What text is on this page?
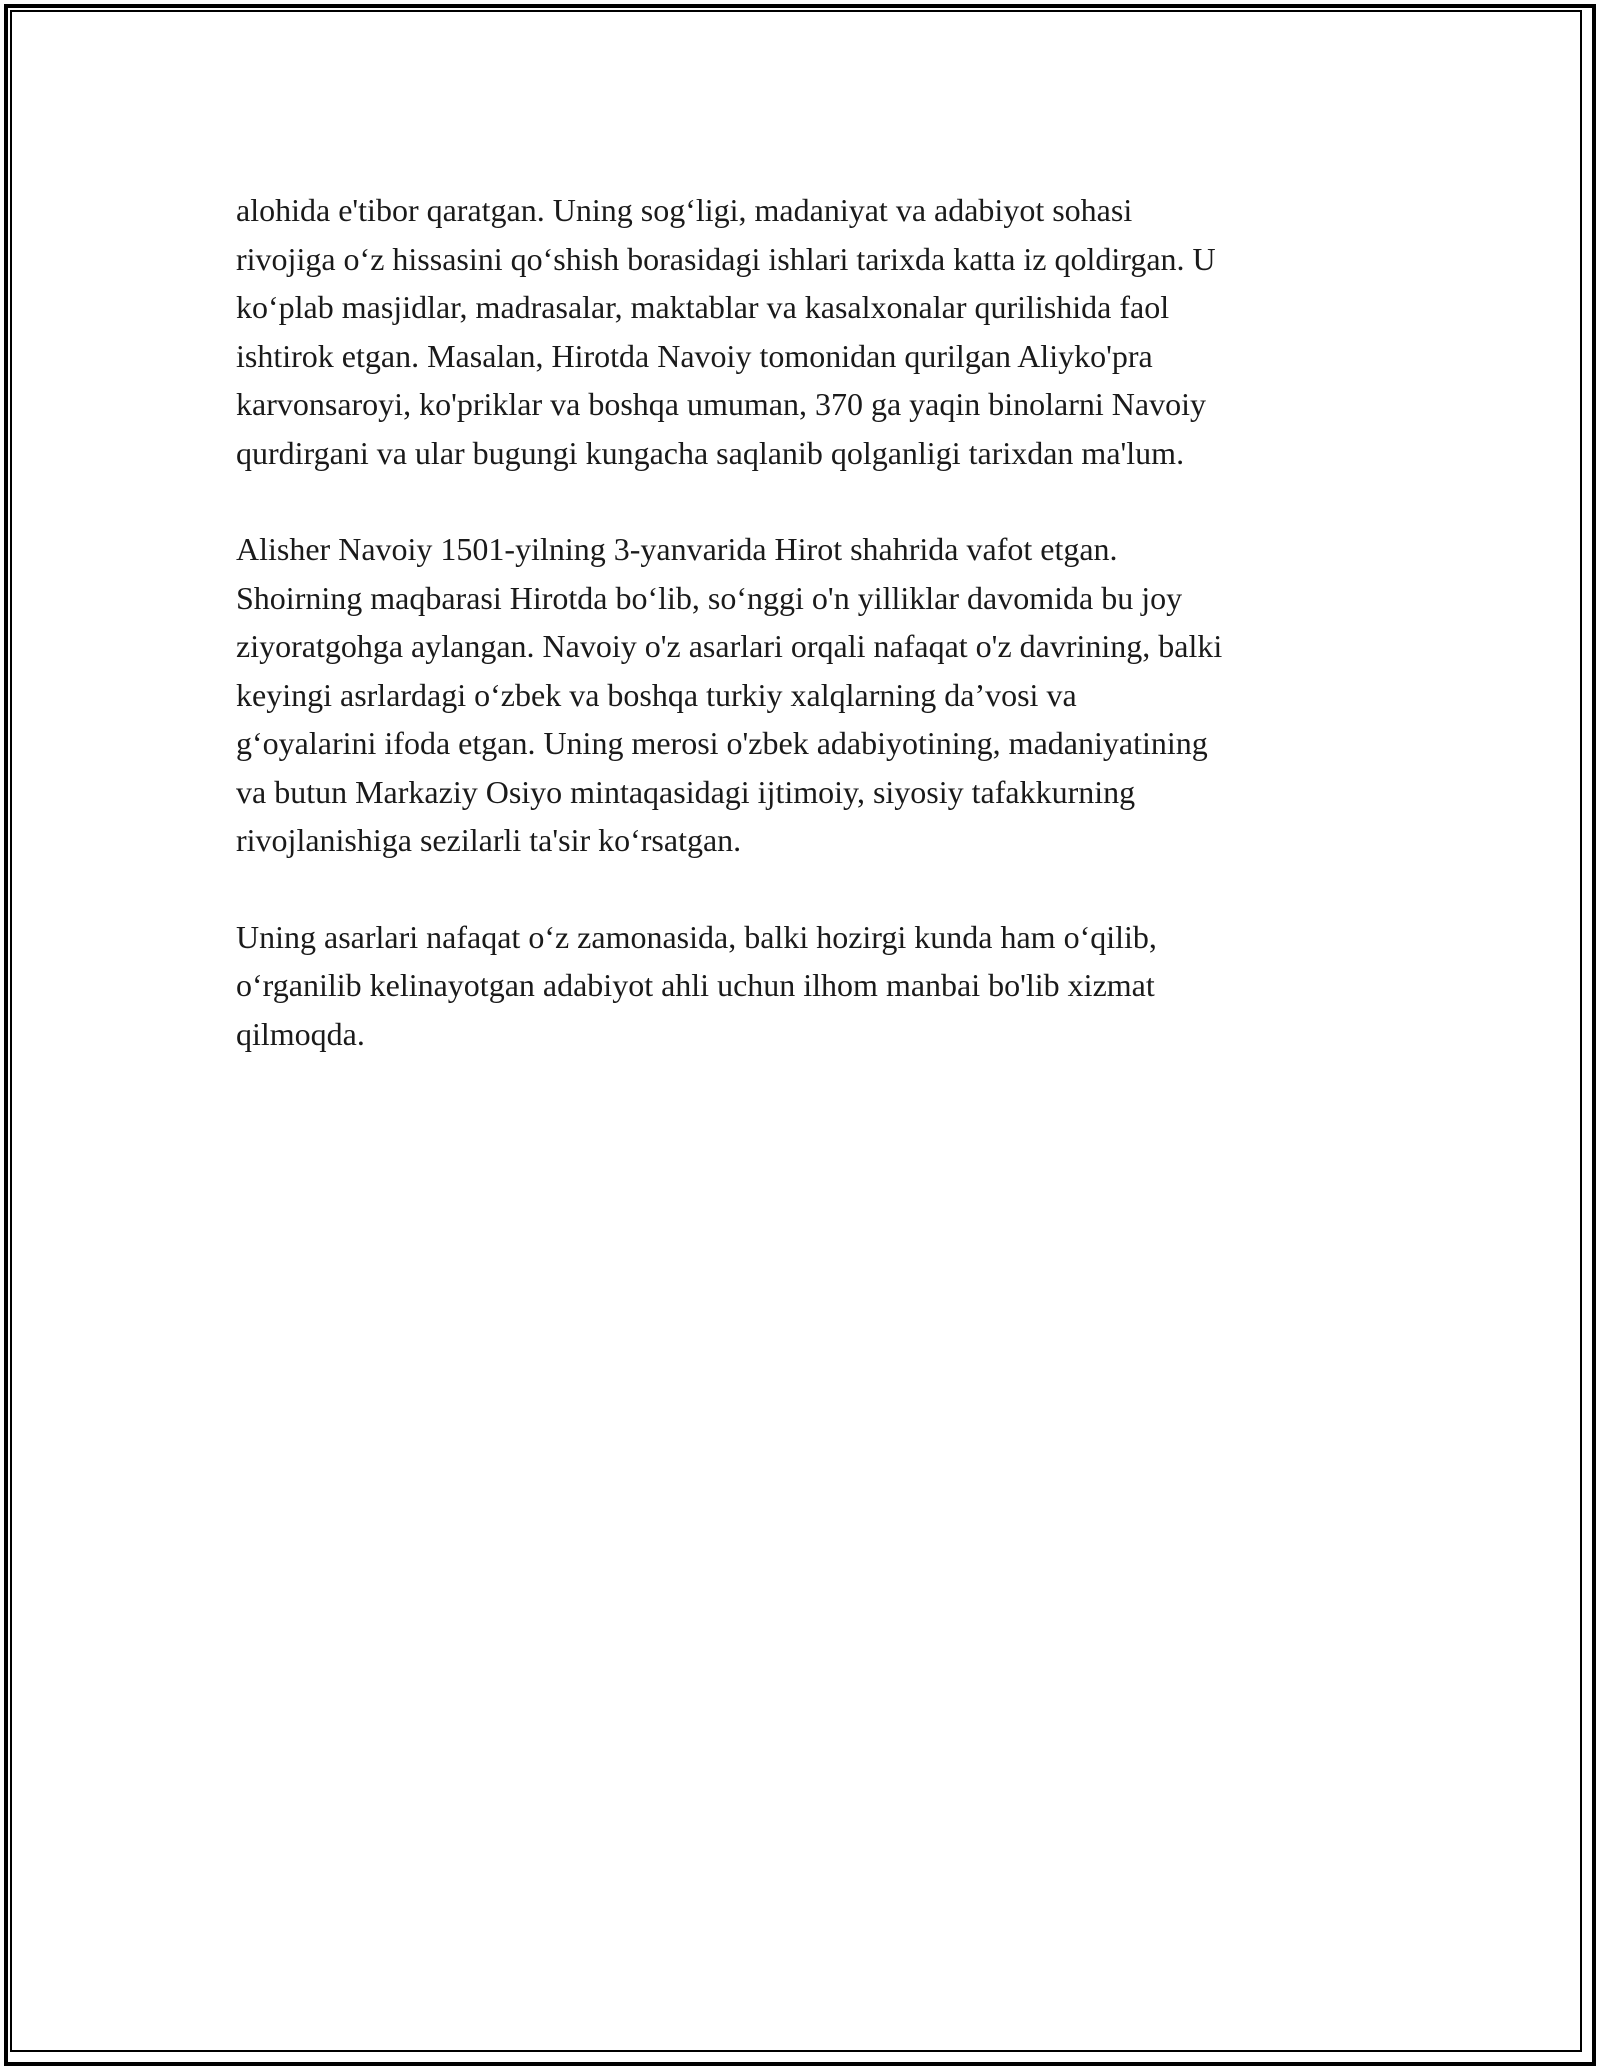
alohida e'tibor qaratgan. Uning sog‘ligi, madaniyat va adabiyot sohasi
rivojiga o‘z hissasini qo‘shish borasidagi ishlari tarixda katta iz qoldirgan. U
ko‘plab masjidlar, madrasalar, maktablar va kasalxonalar qurilishida faol
ishtirok etgan. Masalan, Hirotda Navoiy tomonidan qurilgan Aliyko'pra
karvonsaroyi, ko'priklar va boshqa umuman, 370 ga yaqin binolarni Navoiy
qurdirgani va ular bugungi kungacha saqlanib qolganligi tarixdan ma'lum.

Alisher Navoiy 1501-yilning 3-yanvarida Hirot shahrida vafot etgan.
Shoirning maqbarasi Hirotda bo‘lib, so‘nggi o'n yilliklar davomida bu joy
ziyoratgohga aylangan. Navoiy o'z asarlari orqali nafaqat o'z davrining, balki
keyingi asrlardagi o‘zbek va boshqa turkiy xalqlarning da’vosi va
g‘oyalarini ifoda etgan. Uning merosi o'zbek adabiyotining, madaniyatining
va butun Markaziy Osiyo mintaqasidagi ijtimoiy, siyosiy tafakkurning
rivojlanishiga sezilarli ta'sir ko‘rsatgan.

Uning asarlari nafaqat o‘z zamonasida, balki hozirgi kunda ham o‘qilib,
o‘rganilib kelinayotgan adabiyot ahli uchun ilhom manbai bo'lib xizmat
qilmoqda.
